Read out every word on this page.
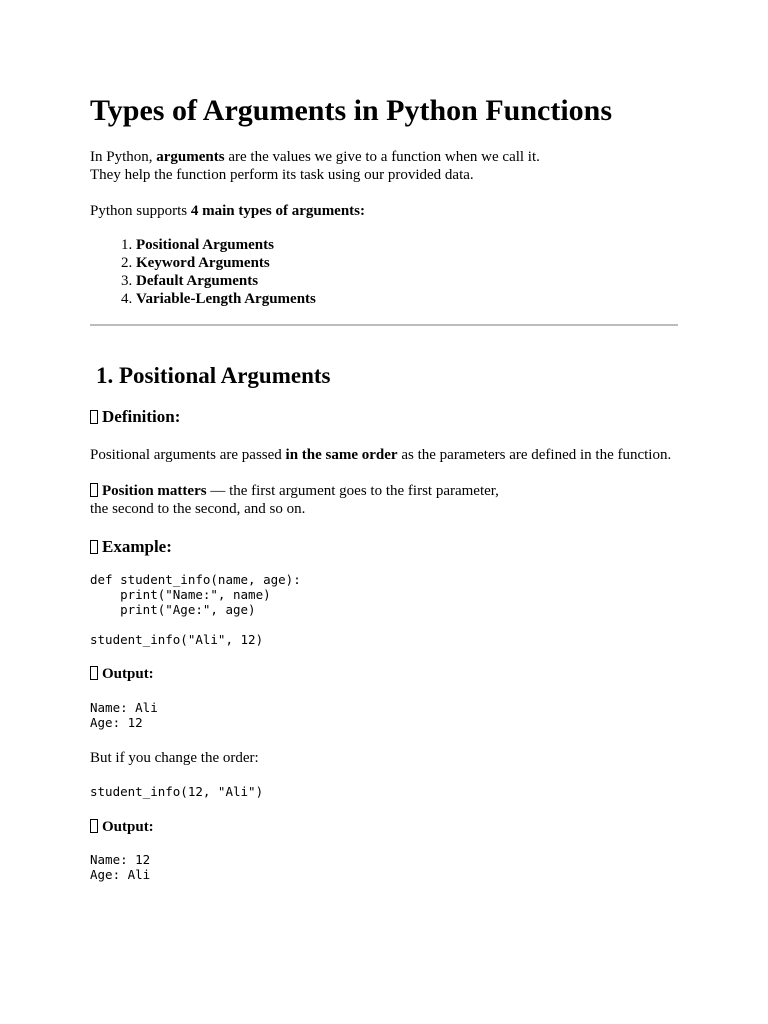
Types of Arguments in Python Functions
In Python, arguments are the values we give to a function when we call it.
They help the function perform its task using our provided data.
Python supports 4 main types of arguments:
1. Positional Arguments
2. Keyword Arguments
3. Default Arguments
4. Variable-Length Arguments
1. Positional Arguments
Definition:
Positional arguments are passed in the same order as the parameters are defined in the function.
Position matters — the first argument goes to the first parameter,
the second to the second, and so on.
Example:
def student_info(name, age):
print("Name:", name)
print("Age:", age)

student_info("Ali", 12)
Output:
Name: Ali
Age: 12
But if you change the order:
student_info(12, "Ali")
Output:
Name: 12
Age: Ali
